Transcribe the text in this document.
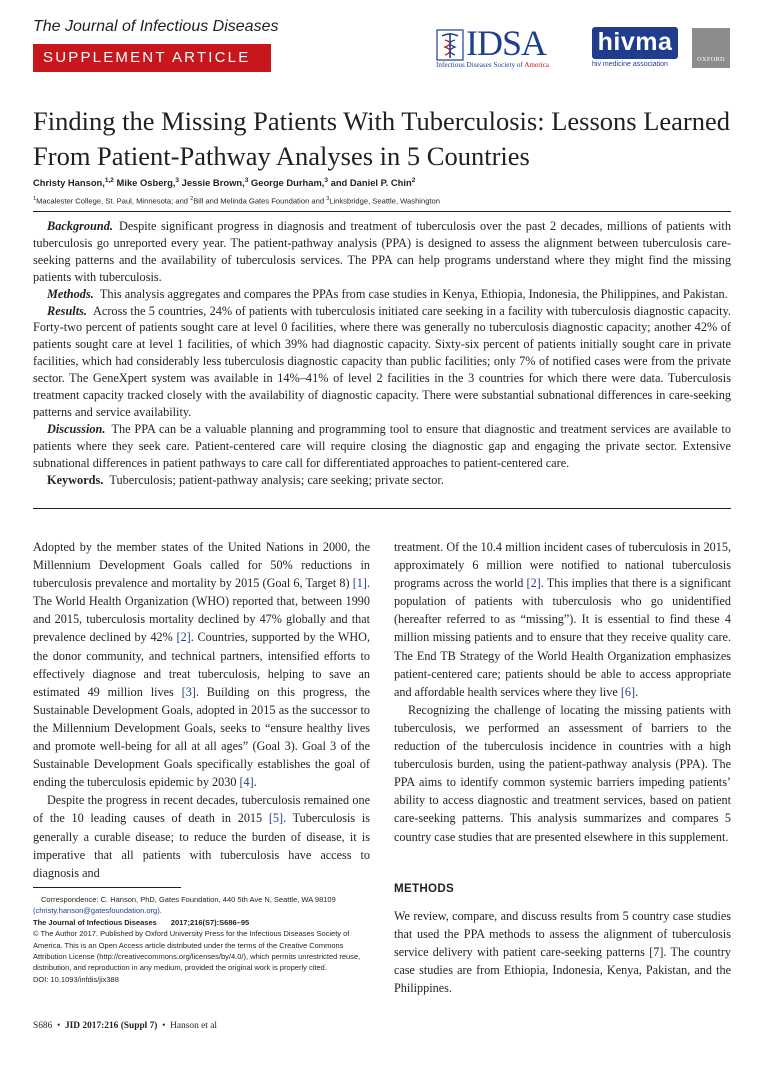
The Journal of Infectious Diseases
SUPPLEMENT ARTICLE	IDSA
Infectious Diseases Society of America
hivma
hiv medicine association
OXFORD
Finding the Missing Patients With Tuberculosis: Lessons Learned From Patient-Pathway Analyses in 5 Countries
Christy Hanson,$^{1,2}$ Mike Osberg,$^3$ Jessie Brown,$^3$ George Durham,$^3$ and Daniel P. Chin$^2$
$^1$Macalester College, St. Paul, Minnesota; and $^2$Bill and Melinda Gates Foundation and $^3$Linksbridge, Seattle, Washington

Background. Despite significant progress in diagnosis and treatment of tuberculosis over the past 2 decades, millions of patients with tuberculosis go unreported every year. The patient-pathway analysis (PPA) is designed to assess the alignment between tuberculosis care-seeking patterns and the availability of tuberculosis services. The PPA can help programs understand where they might find the missing patients with tuberculosis.

Methods. This analysis aggregates and compares the PPAs from case studies in Kenya, Ethiopia, Indonesia, the Philippines, and Pakistan.

Results. Across the 5 countries, 24% of patients with tuberculosis initiated care seeking in a facility with tuberculosis diagnostic capacity. Forty-two percent of patients sought care at level 0 facilities, where there was generally no tuberculosis diagnostic capacity; another 42% of patients sought care at level 1 facilities, of which 39% had diagnostic capacity. Sixty-six percent of patients initially sought care in private facilities, which had considerably less tuberculosis diagnostic capacity than public facilities; only 7% of notified cases were from the private sector. The GeneXpert system was available in 14%–41% of level 2 facilities in the 3 countries for which there were data. Tuberculosis treatment capacity tracked closely with the availability of diagnostic capacity. There were substantial subnational differences in care-seeking patterns and service availability.

Discussion. The PPA can be a valuable planning and programming tool to ensure that diagnostic and treatment services are available to patients where they seek care. Patient-centered care will require closing the diagnostic gap and engaging the private sector. Extensive subnational differences in patient pathways to care call for differentiated approaches to patient-centered care.

Keywords. Tuberculosis; patient-pathway analysis; care seeking; private sector.

Adopted by the member states of the United Nations in 2000, the Millennium Development Goals called for 50% reductions in tuberculosis prevalence and mortality by 2015 (Goal 6, Target 8) [1]. The World Health Organization (WHO) reported that, between 1990 and 2015, tuberculosis mortality declined by 47% globally and that prevalence declined by 42% [2]. Countries, supported by the WHO, the donor community, and technical partners, intensified efforts to effectively diagnose and treat tuberculosis, helping to save an estimated 49 million lives [3]. Building on this progress, the Sustainable Development Goals, adopted in 2015 as the successor to the Millennium Development Goals, seeks to “ensure healthy lives and promote well-being for all at all ages” (Goal 3). Goal 3 of the Sustainable Development Goals specifically establishes the goal of ending the tuberculosis epidemic by 2030 [4].

Despite the progress in recent decades, tuberculosis remained one of the 10 leading causes of death in 2015 [5]. Tuberculosis is generally a curable disease; to reduce the burden of disease, it is imperative that all patients with tuberculosis have access to diagnosis and

treatment. Of the 10.4 million incident cases of tuberculosis in 2015, approximately 6 million were notified to national tuberculosis programs across the world [2]. This implies that there is a significant population of patients with tuberculosis who go unidentified (hereafter referred to as “missing”). It is essential to find these 4 million missing patients and to ensure that they receive quality care. The End TB Strategy of the World Health Organization emphasizes patient-centered care; patients should be able to access appropriate and affordable health services where they live [6].

Recognizing the challenge of locating the missing patients with tuberculosis, we performed an assessment of barriers to the reduction of the tuberculosis incidence in countries with a high tuberculosis burden, using the patient-pathway analysis (PPA). The PPA aims to identify common systemic barriers impeding patients’ ability to access diagnostic and treatment services, based on patient care-seeking patterns. This analysis summarizes and compares 5 country case studies that are presented elsewhere in this supplement.

METHODS
We review, compare, and discuss results from 5 country case studies that used the PPA methods to assess the alignment of tuberculosis service delivery with patient care-seeking patterns [7]. The country case studies are from Ethiopia, Indonesia, Kenya, Pakistan, and the Philippines.
Correspondence: C. Hanson, PhD, Gates Foundation, 440 5th Ave N, Seattle, WA 98109
(christy.hanson@gatesfoundation.org).
The Journal of Infectious Diseases 2017;216(S7):S686–95
© The Author 2017. Published by Oxford University Press for the Infectious Diseases Society of America. This is an Open Access article distributed under the terms of the Creative Commons Attribution License (http://creativecommons.org/licenses/by/4.0/), which permits unrestricted reuse, distribution, and reproduction in any medium, provided the original work is properly cited.
DOI: 10.1093/infdis/jix388
S686  •  JID 2017:216 (Suppl 7)  •  Hanson et al
